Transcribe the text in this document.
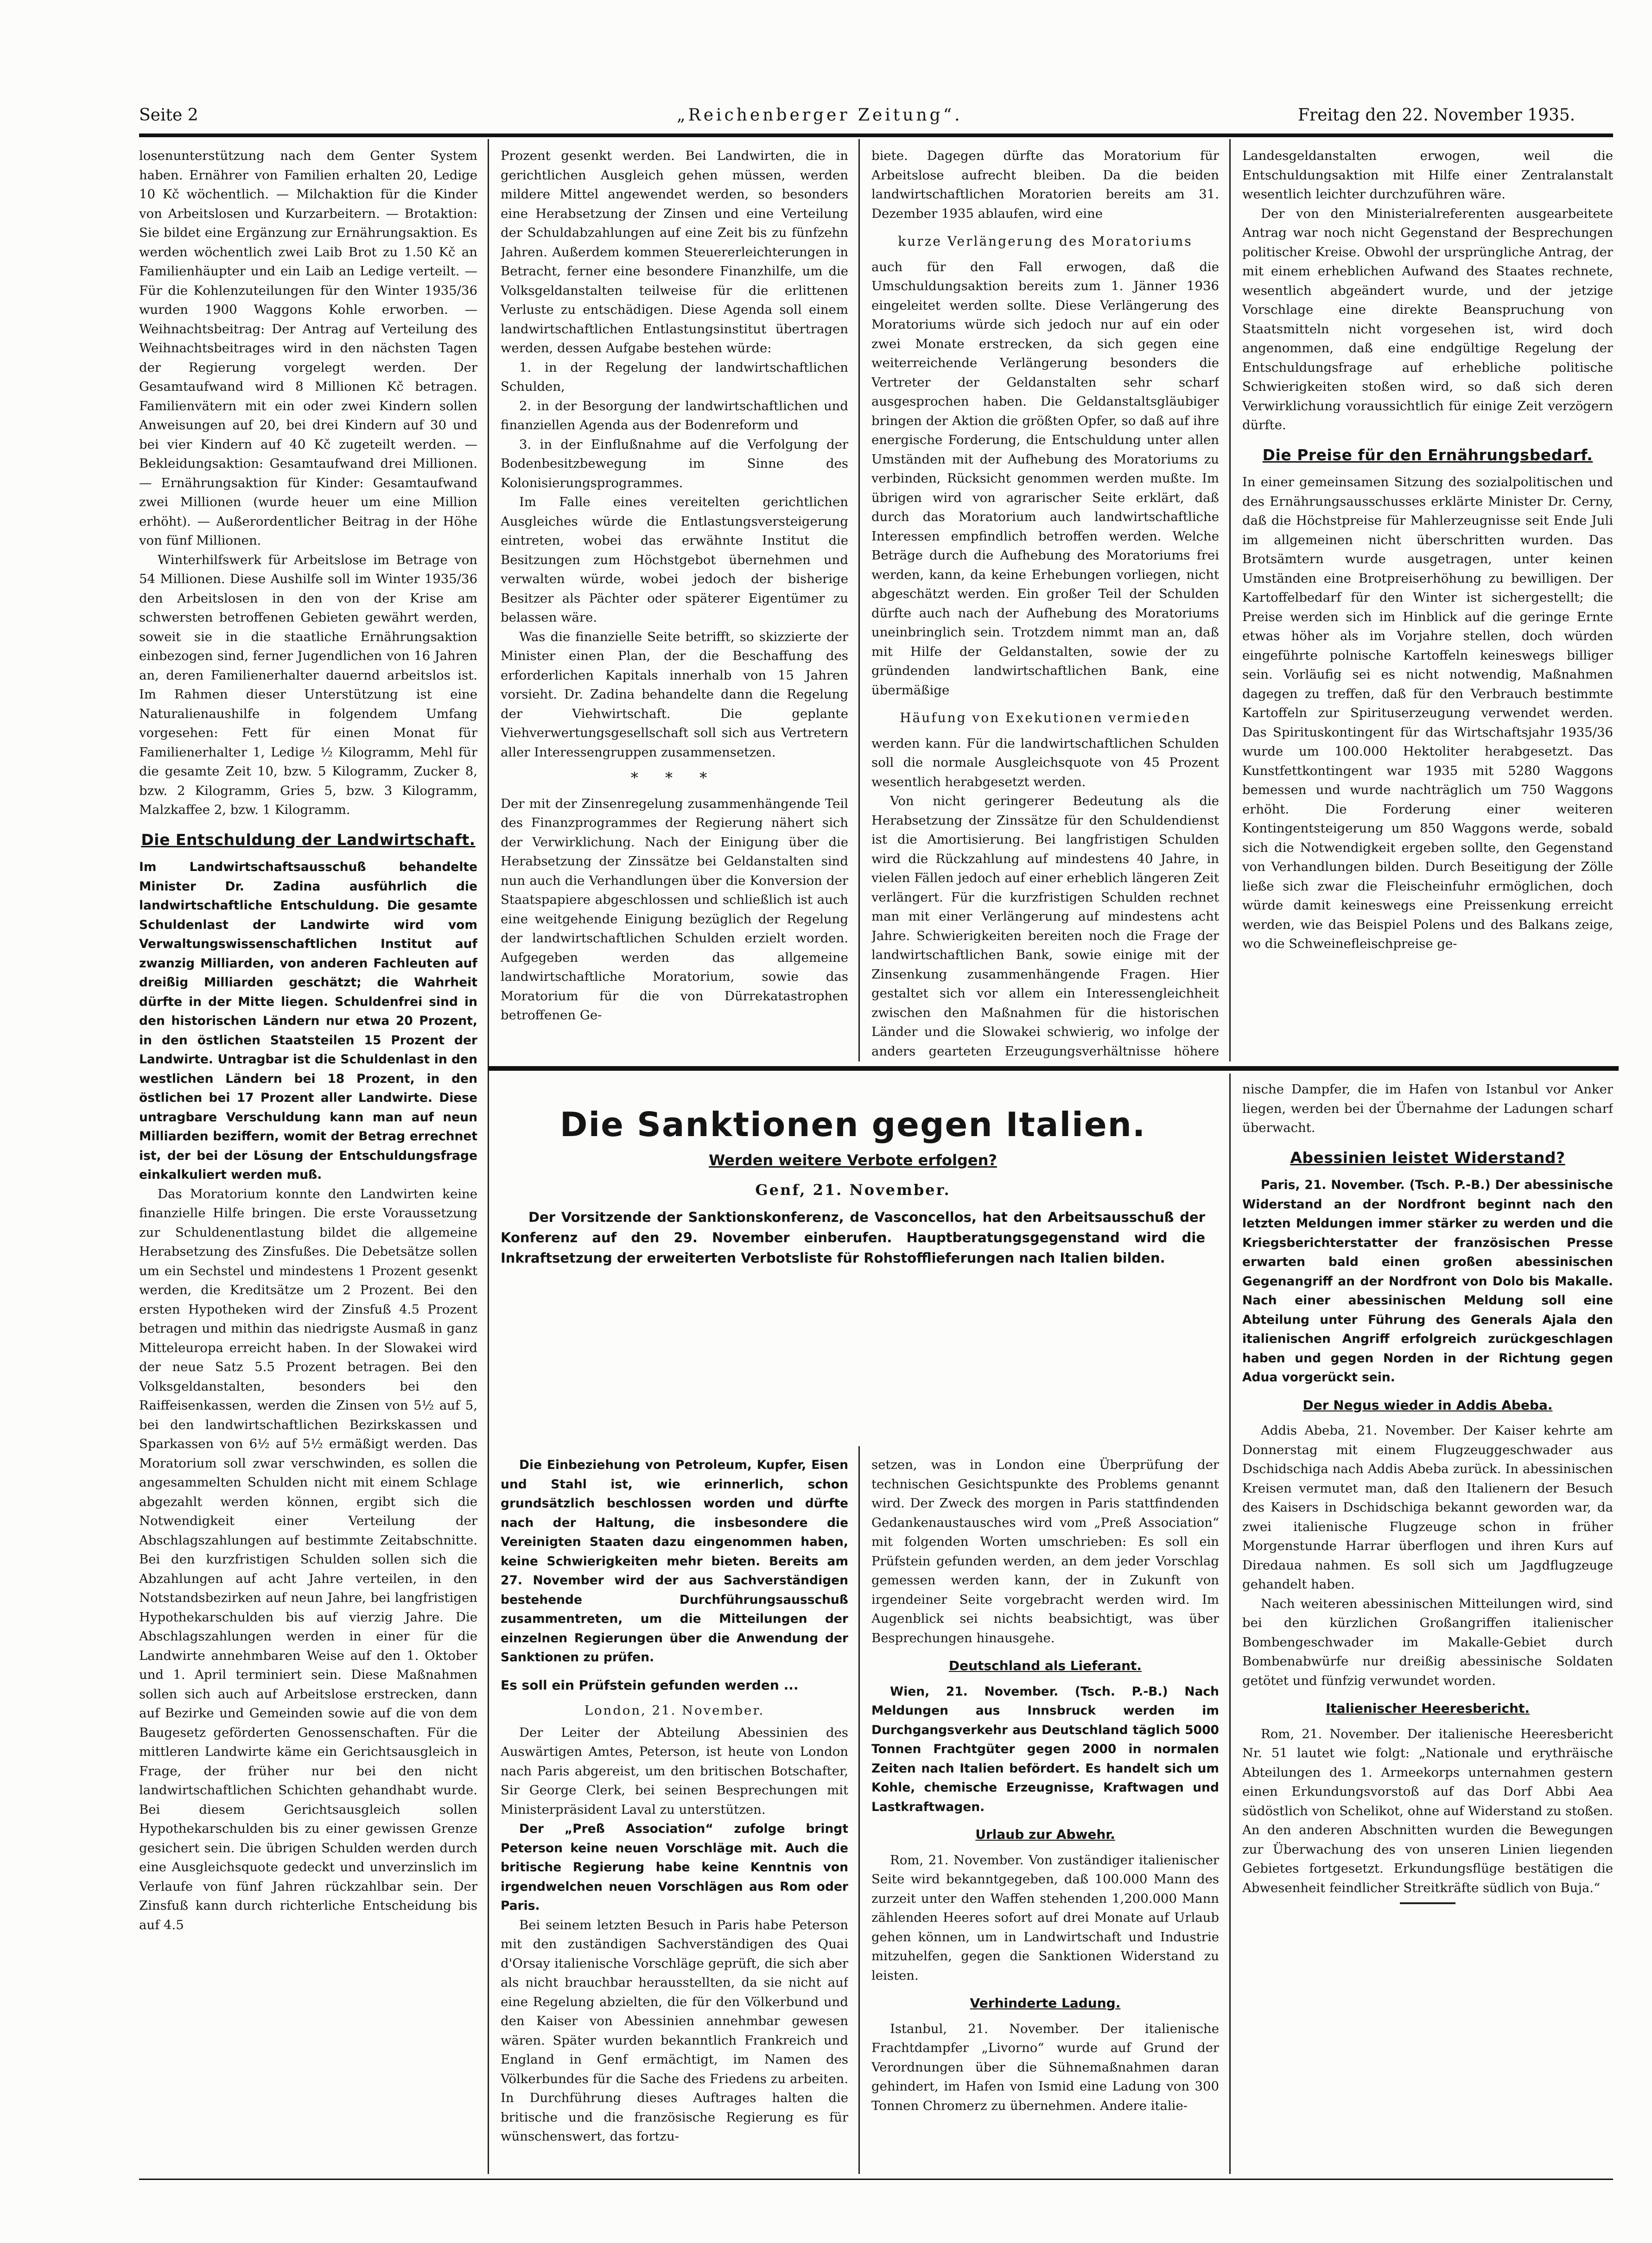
Seite 2	„Reichenberger Zeitung“.	Freitag den 22. November 1935.

losenunterstützung nach dem Genter System haben. Ernährer von Familien erhalten 20, Ledige 10 Kč wöchentlich. — Milchaktion für die Kinder von Arbeitslosen und Kurzarbeitern. — Brotaktion: Sie bildet eine Ergänzung zur Ernährungsaktion. Es werden wöchentlich zwei Laib Brot zu 1.50 Kč an Familienhäupter und ein Laib an Ledige verteilt. — Für die Kohlenzuteilungen für den Winter 1935/36 wurden 1900 Waggons Kohle erworben. — Weihnachtsbeitrag: Der Antrag auf Verteilung des Weihnachtsbeitrages wird in den nächsten Tagen der Regierung vorgelegt werden. Der Gesamtaufwand wird 8 Millionen Kč betragen. Familienvätern mit ein oder zwei Kindern sollen Anweisungen auf 20, bei drei Kindern auf 30 und bei vier Kindern auf 40 Kč zugeteilt werden. — Bekleidungsaktion: Gesamtaufwand drei Millionen. — Ernährungsaktion für Kinder: Gesamtaufwand zwei Millionen (wurde heuer um eine Million erhöht). — Außerordentlicher Beitrag in der Höhe von fünf Millionen.

Winterhilfswerk für Arbeitslose im Betrage von 54 Millionen. Diese Aushilfe soll im Winter 1935/36 den Arbeitslosen in den von der Krise am schwersten betroffenen Gebieten gewährt werden, soweit sie in die staatliche Ernährungsaktion einbezogen sind, ferner Jugendlichen von 16 Jahren an, deren Familienerhalter dauernd arbeitslos ist. Im Rahmen dieser Unterstützung ist eine Naturalienaushilfe in folgendem Umfang vorgesehen: Fett für einen Monat für Familienerhalter 1, Ledige ½ Kilogramm, Mehl für die gesamte Zeit 10, bzw. 5 Kilogramm, Zucker 8, bzw. 2 Kilogramm, Gries 5, bzw. 3 Kilogramm, Malzkaffee 2, bzw. 1 Kilogramm.

Die Entschuldung der Landwirtschaft.

Im Landwirtschaftsausschuß behandelte Minister Dr. Zadina ausführlich die landwirtschaftliche Entschuldung. Die gesamte Schuldenlast der Landwirte wird vom Verwaltungswissenschaftlichen Institut auf zwanzig Milliarden, von anderen Fachleuten auf dreißig Milliarden geschätzt; die Wahrheit dürfte in der Mitte liegen. Schuldenfrei sind in den historischen Ländern nur etwa 20 Prozent, in den östlichen Staatsteilen 15 Prozent der Landwirte. Untragbar ist die Schuldenlast in den westlichen Ländern bei 18 Prozent, in den östlichen bei 17 Prozent aller Landwirte. Diese untragbare Verschuldung kann man auf neun Milliarden beziffern, womit der Betrag errechnet ist, der bei der Lösung der Entschuldungsfrage einkalkuliert werden muß.

Das Moratorium konnte den Landwirten keine finanzielle Hilfe bringen. Die erste Voraussetzung zur Schuldenentlastung bildet die allgemeine Herabsetzung des Zinsfußes. Die Debetsätze sollen um ein Sechstel und mindestens 1 Prozent gesenkt werden, die Kreditsätze um 2 Prozent. Bei den ersten Hypotheken wird der Zinsfuß 4.5 Prozent betragen und mithin das niedrigste Ausmaß in ganz Mitteleuropa erreicht haben. In der Slowakei wird der neue Satz 5.5 Prozent betragen. Bei den Volksgeldanstalten, besonders bei den Raiffeisenkassen, werden die Zinsen von 5½ auf 5, bei den landwirtschaftlichen Bezirkskassen und Sparkassen von 6½ auf 5½ ermäßigt werden. Das Moratorium soll zwar verschwinden, es sollen die angesammelten Schulden nicht mit einem Schlage abgezahlt werden können, ergibt sich die Notwendigkeit einer Verteilung der Abschlagszahlungen auf bestimmte Zeitabschnitte. Bei den kurzfristigen Schulden sollen sich die Abzahlungen auf acht Jahre verteilen, in den Notstandsbezirken auf neun Jahre, bei langfristigen Hypothekarschulden bis auf vierzig Jahre. Die Abschlagszahlungen werden in einer für die Landwirte annehmbaren Weise auf den 1. Oktober und 1. April terminiert sein. Diese Maßnahmen sollen sich auch auf Arbeitslose erstrecken, dann auf Bezirke und Gemeinden sowie auf die von dem Baugesetz geförderten Genossenschaften. Für die mittleren Landwirte käme ein Gerichtsausgleich in Frage, der früher nur bei den nicht landwirtschaftlichen Schichten gehandhabt wurde. Bei diesem Gerichtsausgleich sollen Hypothekarschulden bis zu einer gewissen Grenze gesichert sein. Die übrigen Schulden werden durch eine Ausgleichsquote gedeckt und unverzinslich im Verlaufe von fünf Jahren rückzahlbar sein. Der Zinsfuß kann durch richterliche Entscheidung bis auf 4.5

Prozent gesenkt werden. Bei Landwirten, die in gerichtlichen Ausgleich gehen müssen, werden mildere Mittel angewendet werden, so besonders eine Herabsetzung der Zinsen und eine Verteilung der Schuldabzahlungen auf eine Zeit bis zu fünfzehn Jahren. Außerdem kommen Steuererleichterungen in Betracht, ferner eine besondere Finanzhilfe, um die Volksgeldanstalten teilweise für die erlittenen Verluste zu entschädigen. Diese Agenda soll einem landwirtschaftlichen Entlastungsinstitut übertragen werden, dessen Aufgabe bestehen würde:

1. in der Regelung der landwirtschaftlichen Schulden,

2. in der Besorgung der landwirtschaftlichen und finanziellen Agenda aus der Bodenreform und

3. in der Einflußnahme auf die Verfolgung der Bodenbesitzbewegung im Sinne des Kolonisierungsprogrammes.

Im Falle eines vereitelten gerichtlichen Ausgleiches würde die Entlastungsversteigerung eintreten, wobei das erwähnte Institut die Besitzungen zum Höchstgebot übernehmen und verwalten würde, wobei jedoch der bisherige Besitzer als Pächter oder späterer Eigentümer zu belassen wäre.

Was die finanzielle Seite betrifft, so skizzierte der Minister einen Plan, der die Beschaffung des erforderlichen Kapitals innerhalb von 15 Jahren vorsieht. Dr. Zadina behandelte dann die Regelung der Viehwirtschaft. Die geplante Viehverwertungsgesellschaft soll sich aus Vertretern aller Interessengruppen zusammensetzen.

* * *

Der mit der Zinsenregelung zusammenhängende Teil des Finanzprogrammes der Regierung nähert sich der Verwirklichung. Nach der Einigung über die Herabsetzung der Zinssätze bei Geldanstalten sind nun auch die Verhandlungen über die Konversion der Staatspapiere abgeschlossen und schließlich ist auch eine weitgehende Einigung bezüglich der Regelung der landwirtschaftlichen Schulden erzielt worden. Aufgegeben werden das allgemeine landwirtschaftliche Moratorium, sowie das Moratorium für die von Dürrekatastrophen betroffenen Ge-

biete. Dagegen dürfte das Moratorium für Arbeitslose aufrecht bleiben. Da die beiden landwirtschaftlichen Moratorien bereits am 31. Dezember 1935 ablaufen, wird eine

kurze Verlängerung des Moratoriums

auch für den Fall erwogen, daß die Umschuldungsaktion bereits zum 1. Jänner 1936 eingeleitet werden sollte. Diese Verlängerung des Moratoriums würde sich jedoch nur auf ein oder zwei Monate erstrecken, da sich gegen eine weiterreichende Verlängerung besonders die Vertreter der Geldanstalten sehr scharf ausgesprochen haben. Die Geldanstaltsgläubiger bringen der Aktion die größten Opfer, so daß auf ihre energische Forderung, die Entschuldung unter allen Umständen mit der Aufhebung des Moratoriums zu verbinden, Rücksicht genommen werden mußte. Im übrigen wird von agrarischer Seite erklärt, daß durch das Moratorium auch landwirtschaftliche Interessen empfindlich betroffen werden. Welche Beträge durch die Aufhebung des Moratoriums frei werden, kann, da keine Erhebungen vorliegen, nicht abgeschätzt werden. Ein großer Teil der Schulden dürfte auch nach der Aufhebung des Moratoriums uneinbringlich sein. Trotzdem nimmt man an, daß mit Hilfe der Geldanstalten, sowie der zu gründenden landwirtschaftlichen Bank, eine übermäßige

Häufung von Exekutionen vermieden

werden kann. Für die landwirtschaftlichen Schulden soll die normale Ausgleichsquote von 45 Prozent wesentlich herabgesetzt werden.

Von nicht geringerer Bedeutung als die Herabsetzung der Zinssätze für den Schuldendienst ist die Amortisierung. Bei langfristigen Schulden wird die Rückzahlung auf mindestens 40 Jahre, in vielen Fällen jedoch auf einer erheblich längeren Zeit verlängert. Für die kurzfristigen Schulden rechnet man mit einer Verlängerung auf mindestens acht Jahre. Schwierigkeiten bereiten noch die Frage der landwirtschaftlichen Bank, sowie einige mit der Zinsenkung zusammenhängende Fragen. Hier gestaltet sich vor allem ein Interessengleichheit zwischen den Maßnahmen für die historischen Länder und die Slowakei schwierig, wo infolge der anders gearteten Erzeugungsverhältnisse höhere

Landesgeldanstalten erwogen, weil die Entschuldungsaktion mit Hilfe einer Zentralanstalt wesentlich leichter durchzuführen wäre.

Der von den Ministerialreferenten ausgearbeitete Antrag war noch nicht Gegenstand der Besprechungen politischer Kreise. Obwohl der ursprüngliche Antrag, der mit einem erheblichen Aufwand des Staates rechnete, wesentlich abgeändert wurde, und der jetzige Vorschlage eine direkte Beanspruchung von Staatsmitteln nicht vorgesehen ist, wird doch angenommen, daß eine endgültige Regelung der Entschuldungsfrage auf erhebliche politische Schwierigkeiten stoßen wird, so daß sich deren Verwirklichung voraussichtlich für einige Zeit verzögern dürfte.

Die Preise für den Ernährungsbedarf.

In einer gemeinsamen Sitzung des sozialpolitischen und des Ernährungsausschusses erklärte Minister Dr. Cerny, daß die Höchstpreise für Mahlerzeugnisse seit Ende Juli im allgemeinen nicht überschritten wurden. Das Brotsämtern wurde ausgetragen, unter keinen Umständen eine Brotpreiserhöhung zu bewilligen. Der Kartoffelbedarf für den Winter ist sichergestellt; die Preise werden sich im Hinblick auf die geringe Ernte etwas höher als im Vorjahre stellen, doch würden eingeführte polnische Kartoffeln keineswegs billiger sein. Vorläufig sei es nicht notwendig, Maßnahmen dagegen zu treffen, daß für den Verbrauch bestimmte Kartoffeln zur Spirituserzeugung verwendet werden. Das Spirituskontingent für das Wirtschaftsjahr 1935/36 wurde um 100.000 Hektoliter herabgesetzt. Das Kunstfettkontingent war 1935 mit 5280 Waggons bemessen und wurde nachträglich um 750 Waggons erhöht. Die Forderung einer weiteren Kontingentsteigerung um 850 Waggons werde, sobald sich die Notwendigkeit ergeben sollte, den Gegenstand von Verhandlungen bilden. Durch Beseitigung der Zölle ließe sich zwar die Fleischeinfuhr ermöglichen, doch würde damit keineswegs eine Preissenkung erreicht werden, wie das Beispiel Polens und des Balkans zeige, wo die Schweinefleischpreise ge-

Die Sanktionen gegen Italien.
Werden weitere Verbote erfolgen?
Genf, 21. November.

Der Vorsitzende der Sanktionskonferenz, de Vasconcellos, hat den Arbeitsausschuß der Konferenz auf den 29. November einberufen. Hauptberatungsgegenstand wird die Inkraftsetzung der erweiterten Verbotsliste für Rohstofflieferungen nach Italien bilden.

Die Einbeziehung von Petroleum, Kupfer, Eisen und Stahl ist, wie erinnerlich, schon grundsätzlich beschlossen worden und dürfte nach der Haltung, die insbesondere die Vereinigten Staaten dazu eingenommen haben, keine Schwierigkeiten mehr bieten. Bereits am 27. November wird der aus Sachverständigen bestehende Durchführungsausschuß zusammentreten, um die Mitteilungen der einzelnen Regierungen über die Anwendung der Sanktionen zu prüfen.

Es soll ein Prüfstein gefunden werden ...
London, 21. November.

Der Leiter der Abteilung Abessinien des Auswärtigen Amtes, Peterson, ist heute von London nach Paris abgereist, um den britischen Botschafter, Sir George Clerk, bei seinen Besprechungen mit Ministerpräsident Laval zu unterstützen.

Der „Preß Association“ zufolge bringt Peterson keine neuen Vorschläge mit. Auch die britische Regierung habe keine Kenntnis von irgendwelchen neuen Vorschlägen aus Rom oder Paris.

Bei seinem letzten Besuch in Paris habe Peterson mit den zuständigen Sachverständigen des Quai d'Orsay italienische Vorschläge geprüft, die sich aber als nicht brauchbar herausstellten, da sie nicht auf eine Regelung abzielten, die für den Völkerbund und den Kaiser von Abessinien annehmbar gewesen wären. Später wurden bekanntlich Frankreich und England in Genf ermächtigt, im Namen des Völkerbundes für die Sache des Friedens zu arbeiten. In Durchführung dieses Auftrages halten die britische und die französische Regierung es für wünschenswert, das fortzu-

setzen, was in London eine Überprüfung der technischen Gesichtspunkte des Problems genannt wird. Der Zweck des morgen in Paris stattfindenden Gedankenaustausches wird vom „Preß Association“ mit folgenden Worten umschrieben: Es soll ein Prüfstein gefunden werden, an dem jeder Vorschlag gemessen werden kann, der in Zukunft von irgendeiner Seite vorgebracht werden wird. Im Augenblick sei nichts beabsichtigt, was über Besprechungen hinausgehe.

Deutschland als Lieferant.

Wien, 21. November. (Tsch. P.-B.) Nach Meldungen aus Innsbruck werden im Durchgangsverkehr aus Deutschland täglich 5000 Tonnen Frachtgüter gegen 2000 in normalen Zeiten nach Italien befördert. Es handelt sich um Kohle, chemische Erzeugnisse, Kraftwagen und Lastkraftwagen.

Urlaub zur Abwehr.

Rom, 21. November. Von zuständiger italienischer Seite wird bekanntgegeben, daß 100.000 Mann des zurzeit unter den Waffen stehenden 1,200.000 Mann zählenden Heeres sofort auf drei Monate auf Urlaub gehen können, um in Landwirtschaft und Industrie mitzuhelfen, gegen die Sanktionen Widerstand zu leisten.

Verhinderte Ladung.

Istanbul, 21. November. Der italienische Frachtdampfer „Livorno“ wurde auf Grund der Verordnungen über die Sühnemaßnahmen daran gehindert, im Hafen von Ismid eine Ladung von 300 Tonnen Chromerz zu übernehmen. Andere italie-

nische Dampfer, die im Hafen von Istanbul vor Anker liegen, werden bei der Übernahme der Ladungen scharf überwacht.

Abessinien leistet Widerstand?

Paris, 21. November. (Tsch. P.-B.) Der abessinische Widerstand an der Nordfront beginnt nach den letzten Meldungen immer stärker zu werden und die Kriegsberichterstatter der französischen Presse erwarten bald einen großen abessinischen Gegenangriff an der Nordfront von Dolo bis Makalle. Nach einer abessinischen Meldung soll eine Abteilung unter Führung des Generals Ajala den italienischen Angriff erfolgreich zurückgeschlagen haben und gegen Norden in der Richtung gegen Adua vorgerückt sein.

Der Negus wieder in Addis Abeba.

Addis Abeba, 21. November. Der Kaiser kehrte am Donnerstag mit einem Flugzeuggeschwader aus Dschidschiga nach Addis Abeba zurück. In abessinischen Kreisen vermutet man, daß den Italienern der Besuch des Kaisers in Dschidschiga bekannt geworden war, da zwei italienische Flugzeuge schon in früher Morgenstunde Harrar überflogen und ihren Kurs auf Diredaua nahmen. Es soll sich um Jagdflugzeuge gehandelt haben.

Nach weiteren abessinischen Mitteilungen wird, sind bei den kürzlichen Großangriffen italienischer Bombengeschwader im Makalle-Gebiet durch Bombenabwürfe nur dreißig abessinische Soldaten getötet und fünfzig verwundet worden.

Italienischer Heeresbericht.

Rom, 21. November. Der italienische Heeresbericht Nr. 51 lautet wie folgt: „Nationale und erythräische Abteilungen des 1. Armeekorps unternahmen gestern einen Erkundungsvorstoß auf das Dorf Abbi Aea südöstlich von Schelikot, ohne auf Widerstand zu stoßen. An den anderen Abschnitten wurden die Bewegungen zur Überwachung des von unseren Linien liegenden Gebietes fortgesetzt. Erkundungsflüge bestätigen die Abwesenheit feindlicher Streitkräfte südlich von Buja.“
